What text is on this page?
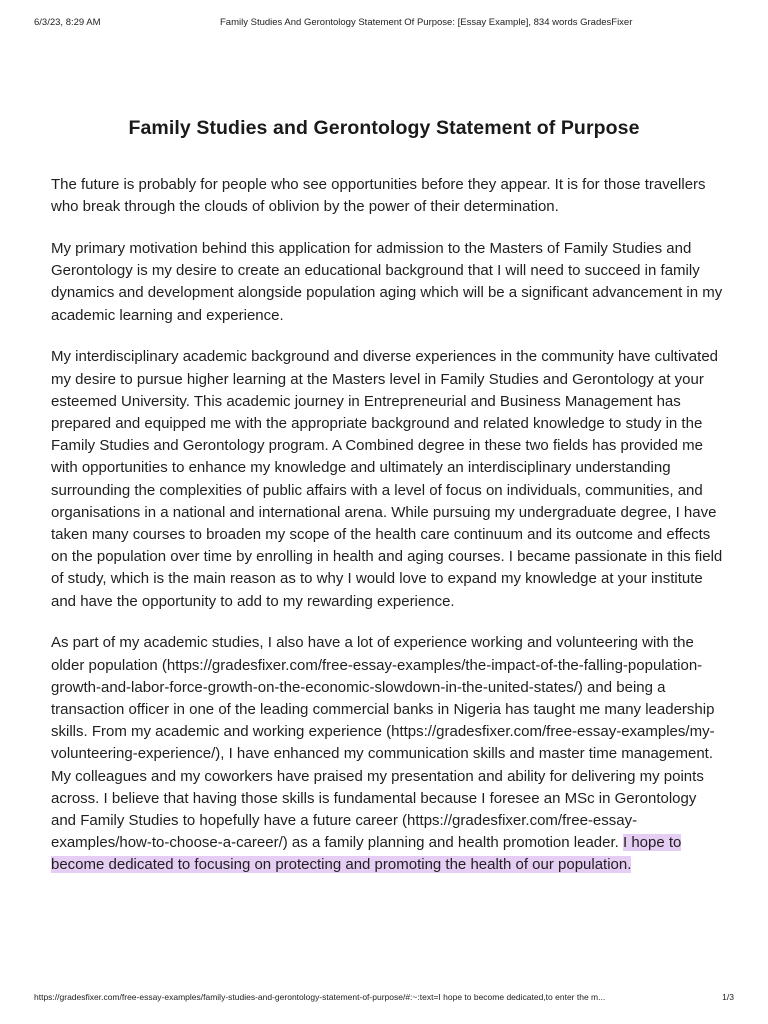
6/3/23, 8:29 AM	Family Studies And Gerontology Statement Of Purpose: [Essay Example], 834 words GradesFixer
Family Studies and Gerontology Statement of Purpose

The future is probably for people who see opportunities before they appear. It is for those travellers who break through the clouds of oblivion by the power of their determination.

My primary motivation behind this application for admission to the Masters of Family Studies and Gerontology is my desire to create an educational background that I will need to succeed in family dynamics and development alongside population aging which will be a significant advancement in my academic learning and experience.

My interdisciplinary academic background and diverse experiences in the community have cultivated my desire to pursue higher learning at the Masters level in Family Studies and Gerontology at your esteemed University. This academic journey in Entrepreneurial and Business Management has prepared and equipped me with the appropriate background and related knowledge to study in the Family Studies and Gerontology program. A Combined degree in these two fields has provided me with opportunities to enhance my knowledge and ultimately an interdisciplinary understanding surrounding the complexities of public affairs with a level of focus on individuals, communities, and organisations in a national and international arena. While pursuing my undergraduate degree, I have taken many courses to broaden my scope of the health care continuum and its outcome and effects on the population over time by enrolling in health and aging courses. I became passionate in this field of study, which is the main reason as to why I would love to expand my knowledge at your institute and have the opportunity to add to my rewarding experience.

As part of my academic studies, I also have a lot of experience working and volunteering with the older population (https://gradesfixer.com/free-essay-examples/the-impact-of-the-falling-population-growth-and-labor-force-growth-on-the-economic-slowdown-in-the-united-states/) and being a transaction officer in one of the leading commercial banks in Nigeria has taught me many leadership skills. From my academic and working experience (https://gradesfixer.com/free-essay-examples/my-volunteering-experience/), I have enhanced my communication skills and master time management. My colleagues and my coworkers have praised my presentation and ability for delivering my points across. I believe that having those skills is fundamental because I foresee an MSc in Gerontology and Family Studies to hopefully have a future career (https://gradesfixer.com/free-essay-examples/how-to-choose-a-career/) as a family planning and health promotion leader. I hope to become dedicated to focusing on protecting and promoting the health of our population.

https://gradesfixer.com/free-essay-examples/family-studies-and-gerontology-statement-of-purpose/#:~:text=I hope to become dedicated,to enter the m...	1/3
